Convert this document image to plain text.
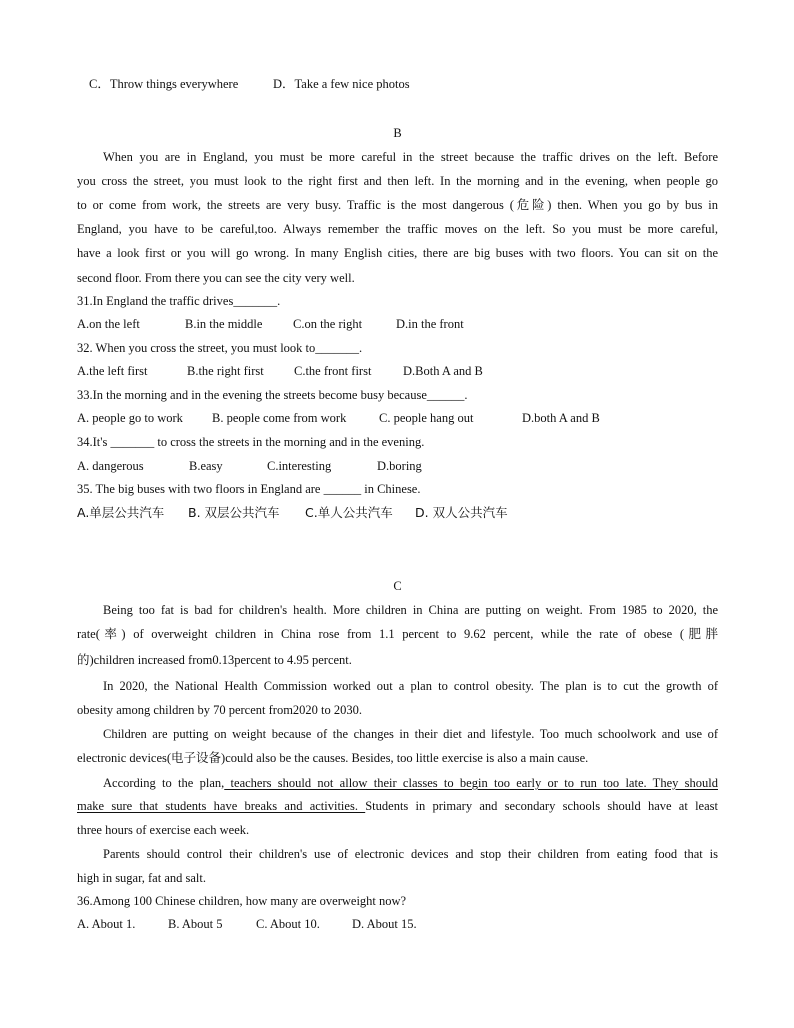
C．Throw things everywhere	D．Take a few nice photos
B
When you are in England, you must be more careful in the street because the traffic drives on the left. Before
you cross the street, you must look to the right first and then left. In the morning and in the evening, when people go
to or come from work, the streets are very busy. Traffic is the most dangerous (危险) then. When you go by bus in
England, you have to be careful,too. Always remember the traffic moves on the left. So you must be more careful,
have a look first or you will go wrong. In many English cities, there are big buses with two floors. You can sit on the
second floor. From there you can see the city very well.
31.In England the traffic drives_______.
A.on the left	B.in the middle C.on the right	D.in the front
32. When you cross the street, you must look to_______.
A.the left first	B.the right first C.the front first	D.Both A and B
33.In the morning and in the evening the streets become busy because______.
A. people go to work B. people come from work	C. people hang out	D.both A and B
34.It's _______ to cross the streets in the morning and in the evening.
A. dangerous	B.easy	C.interesting	D.boring
35. The big buses with two floors in England are ______ in Chinese.
A.单层公共汽车 B. 双层公共汽车 C.单人公共汽车 D. 双人公共汽车
C
Being too fat is bad for children's health. More children in China are putting on weight. From 1985 to 2020, the
rate(率) of overweight children in China rose from 1.1 percent to 9.62 percent, while the rate of obese (肥胖
的)children increased from0.13percent to 4.95 percent.
In 2020, the National Health Commission worked out a plan to control obesity. The plan is to cut the growth of
obesity among children by 70 percent from2020 to 2030.
Children are putting on weight because of the changes in their diet and lifestyle. Too much schoolwork and use of
electronic devices(电子设备)could also be the causes. Besides, too little exercise is also a main cause.
According to the plan, teachers should not allow their classes to begin too early or to run too late. They should
make sure that students have breaks and activities. Students in primary and secondary schools should have at least
three hours of exercise each week.
Parents should control their children's use of electronic devices and stop their children from eating food that is
high in sugar, fat and salt.
36.Among 100 Chinese children, how many are overweight now?
A. About 1.	B. About 5	C. About 10.	D. About 15.
